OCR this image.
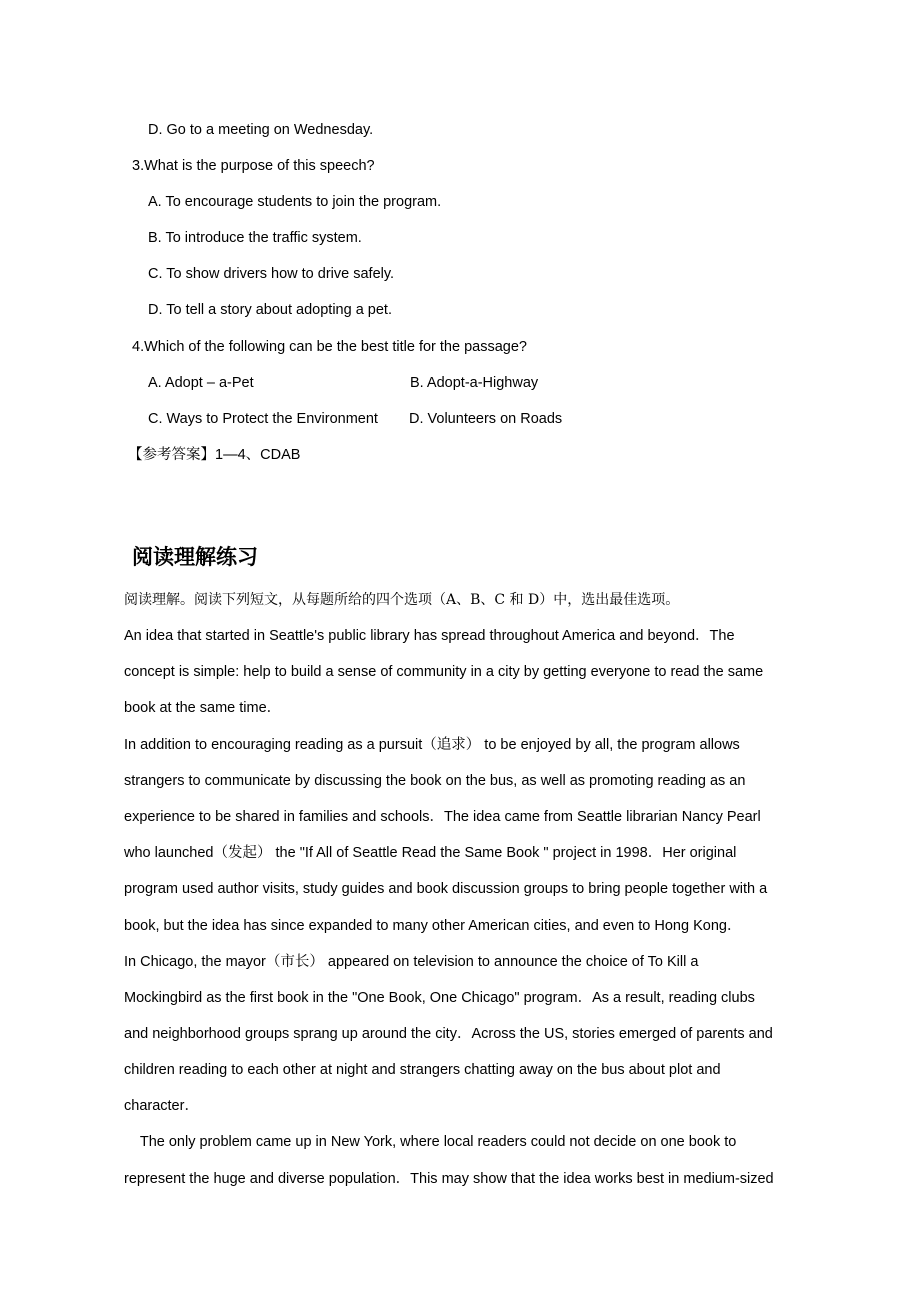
D. Go to a meeting on Wednesday.
3.What is the purpose of this speech?
A. To encourage students to join the program.
B. To introduce the traffic system.
C. To show drivers how to drive safely.
D. To tell a story about adopting a pet.
4.Which of the following can be the best title for the passage?
A. Adopt – a-Pet	B. Adopt-a-Highway
C. Ways to Protect the Environment D. Volunteers on Roads
【参考答案】1—4、CDAB
阅读理解练习
阅读理解。阅读下列短文，从每题所给的四个选项（A、B、C 和 D）中，选出最佳选项。
An idea that started in Seattle's public library has spread throughout America and beyond．The
concept is simple: help to build a sense of community in a city by getting everyone to read the same
book at the same time．
In addition to encouraging reading as a pursuit（追求） to be enjoyed by all, the program allows
strangers to communicate by discussing the book on the bus, as well as promoting reading as an
experience to be shared in families and schools．The idea came from Seattle librarian Nancy Pearl
who launched（发起） the "If All of Seattle Read the Same Book " project in 1998．Her original
program used author visits, study guides and book discussion groups to bring people together with a
book, but the idea has since expanded to many other American cities, and even to Hong Kong．
In Chicago, the mayor（市长） appeared on television to announce the choice of To Kill a
Mockingbird as the first book in the "One Book, One Chicago" program．As a result, reading clubs
and neighborhood groups sprang up around the city．Across the US, stories emerged of parents and
children reading to each other at night and strangers chatting away on the bus about plot and
character．
The only problem came up in New York, where local readers could not decide on one book to
represent the huge and diverse population．This may show that the idea works best in medium-sized
